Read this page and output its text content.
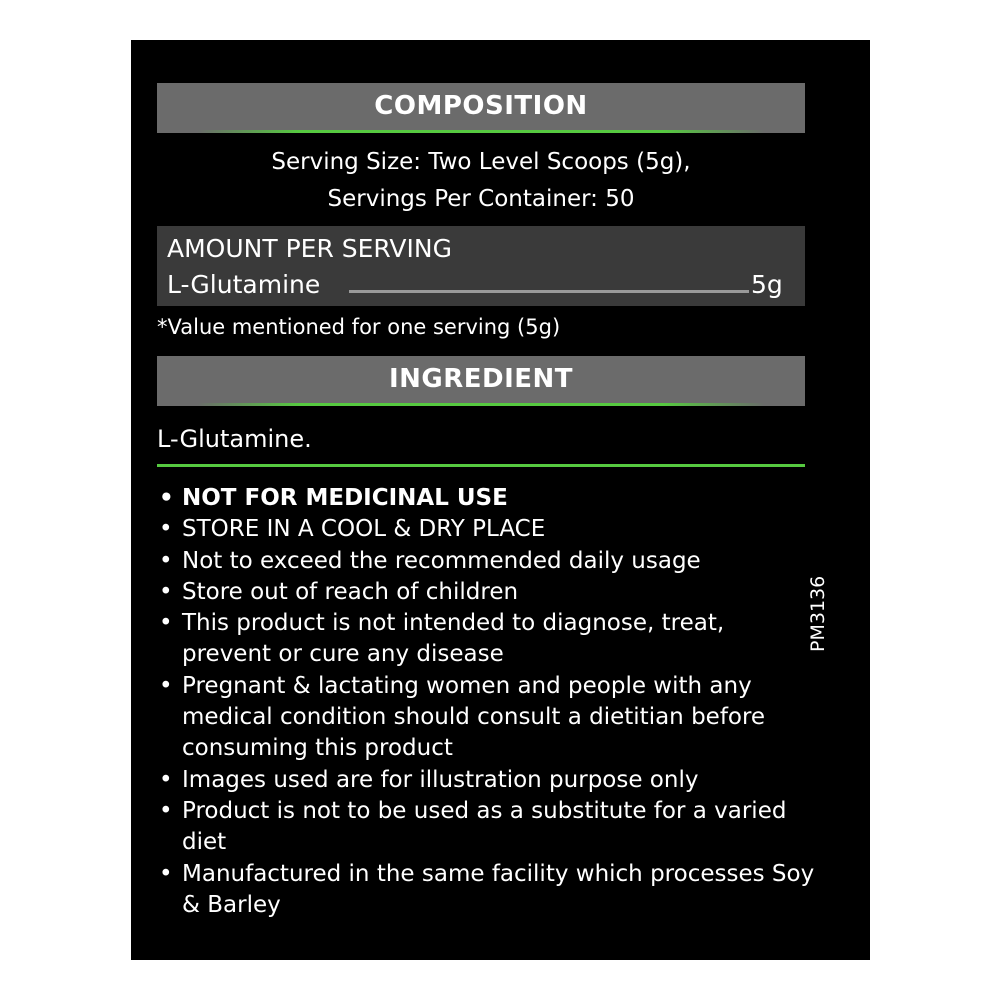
COMPOSITION
Serving Size: Two Level Scoops (5g),
Servings Per Container: 50
AMOUNT PER SERVING
L-Glutamine	5g
*Value mentioned for one serving (5g)
INGREDIENT
L-Glutamine.
• NOT FOR MEDICINAL USE
• STORE IN A COOL & DRY PLACE
• Not to exceed the recommended daily usage
• Store out of reach of children
• This product is not intended to diagnose, treat, prevent or cure any disease
• Pregnant & lactating women and people with any medical condition should consult a dietitian before consuming this product
• Images used are for illustration purpose only
• Product is not to be used as a substitute for a varied diet
• Manufactured in the same facility which processes Soy & Barley
PM3136
